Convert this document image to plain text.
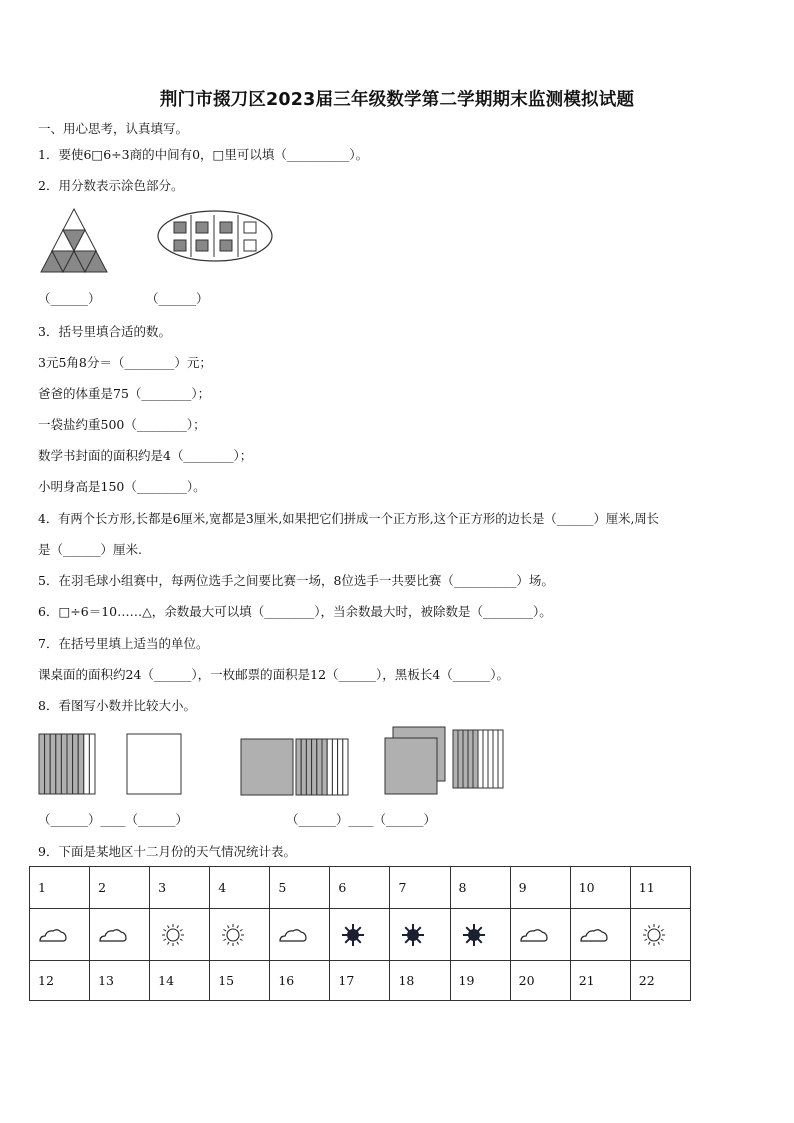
荆门市掇刀区2023届三年级数学第二学期期末监测模拟试题
一、用心思考，认真填写。
1．要使6□6÷3商的中间有0，□里可以填（__________）。
2．用分数表示涂色部分。
（______）	（______）
3．括号里填合适的数。
3元5角8分＝（________）元；
爸爸的体重是75（________）；
一袋盐约重500（________）；
数学书封面的面积约是4（________）；
小明身高是150（________）。
4．有两个长方形,长都是6厘米,宽都是3厘米,如果把它们拼成一个正方形,这个正方形的边长是（______）厘米,周长
是（______）厘米.
5．在羽毛球小组赛中，每两位选手之间要比赛一场，8位选手一共要比赛（__________）场。
6．□÷6＝10……△，余数最大可以填（________），当余数最大时，被除数是（________）。
7．在括号里填上适当的单位。
课桌面的面积约24（______），一枚邮票的面积是12（______），黑板长4（______）。
8．看图写小数并比较大小。
（______）____（______）	（______）____（______）
9．下面是某地区十二月份的天气情况统计表。
1	2	3	4	5	6	7	8	9	10	11

12	13	14	15	16	17	18	19	20	21	22
